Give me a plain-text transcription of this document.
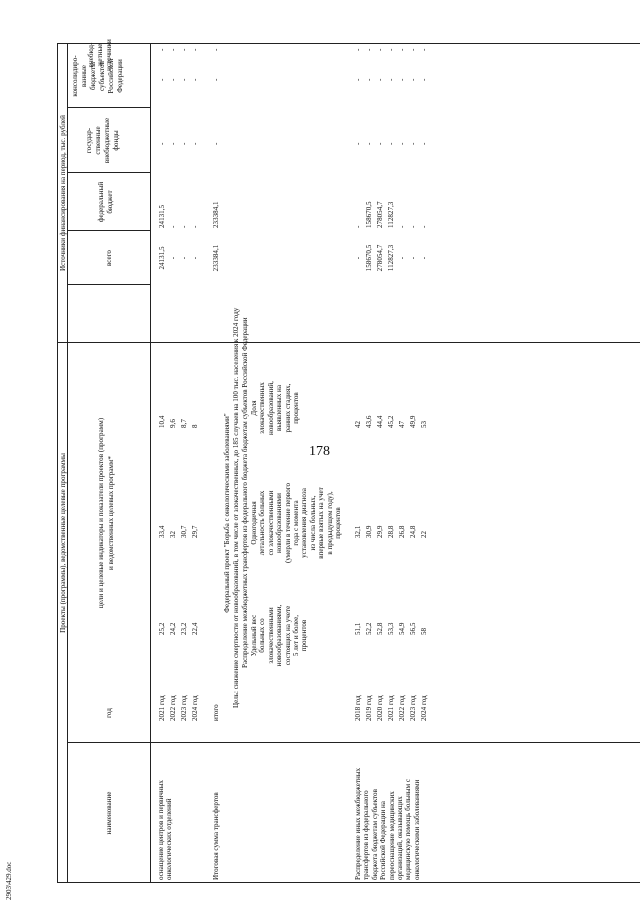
178
2903\429.doc
Проекты (программы), ведомственные целевые программы
Источники финансирования на период, тыс. рублей
наименование
год
цели и целевые индикаторы и показатели проектов (программ) и ведомственных целевых программ*
всего
федеральный бюджет
государ- ственные внебюджетные фонды
консолидиро- ванные бюджеты субъектов Российской Федерации
внебюд- жетные источники
оснащение центров и первичных онкологических отделений
2021 год
25,2
33,4
10,4
24131,5
24131,5
-
-
-
2022 год
24,2
32
9,6
-
-
-
-
-
2023 год
23,2
30,7
8,7
-
-
-
-
-
2024 год
22,4
29,7
8
-
-
-
-
-
Итоговая сумма трансфертов
итого
233384,1
233384,1
-
-
-
Федеральный проект "Борьба с онкологическими заболеваниями" Цель: снижение смертности от новообразований, в том числе от злокачественных, до 185 случаев на 100 тыс. населения к 2024 году Распределение межбюджетных трансфертов из федерального бюджета бюджетам субъектов Российской Федерации Удельный вес больных со злокачественными новообразованиями, состоящих на учете 5 лет и более, процентов
Одногодичная летальность больных со злокачественными новообразованиями (умерли в течение первого года с момента установления диагноза из числа больных, впервые взятых на учет в предыдущем году), процентов
Доля злокачественных новообразований, выявленных на ранних стадиях, процентов
Распределение иных межбюджетных трансфертов из федерального бюджета бюджетам субъектов Российской Федерации на переоснащение медицинских организаций, оказывающих медицинскую помощь больным с онкологическими заболеваниями
2018 год
51,1
32,1
42
-
-
-
-
-
2019 год
52,2
30,9
43,6
158670,5
158670,5
-
-
-
2020 год
52,8
29,9
44,4
278054,7
278054,7
-
-
-
2021 год
53,3
28,8
45,2
112827,3
112827,3
-
-
-
2022 год
54,9
26,8
47
-
-
-
-
-
2023 год
56,5
24,8
49,9
-
-
-
-
-
2024 год
58
22
53
-
-
-
-
-
